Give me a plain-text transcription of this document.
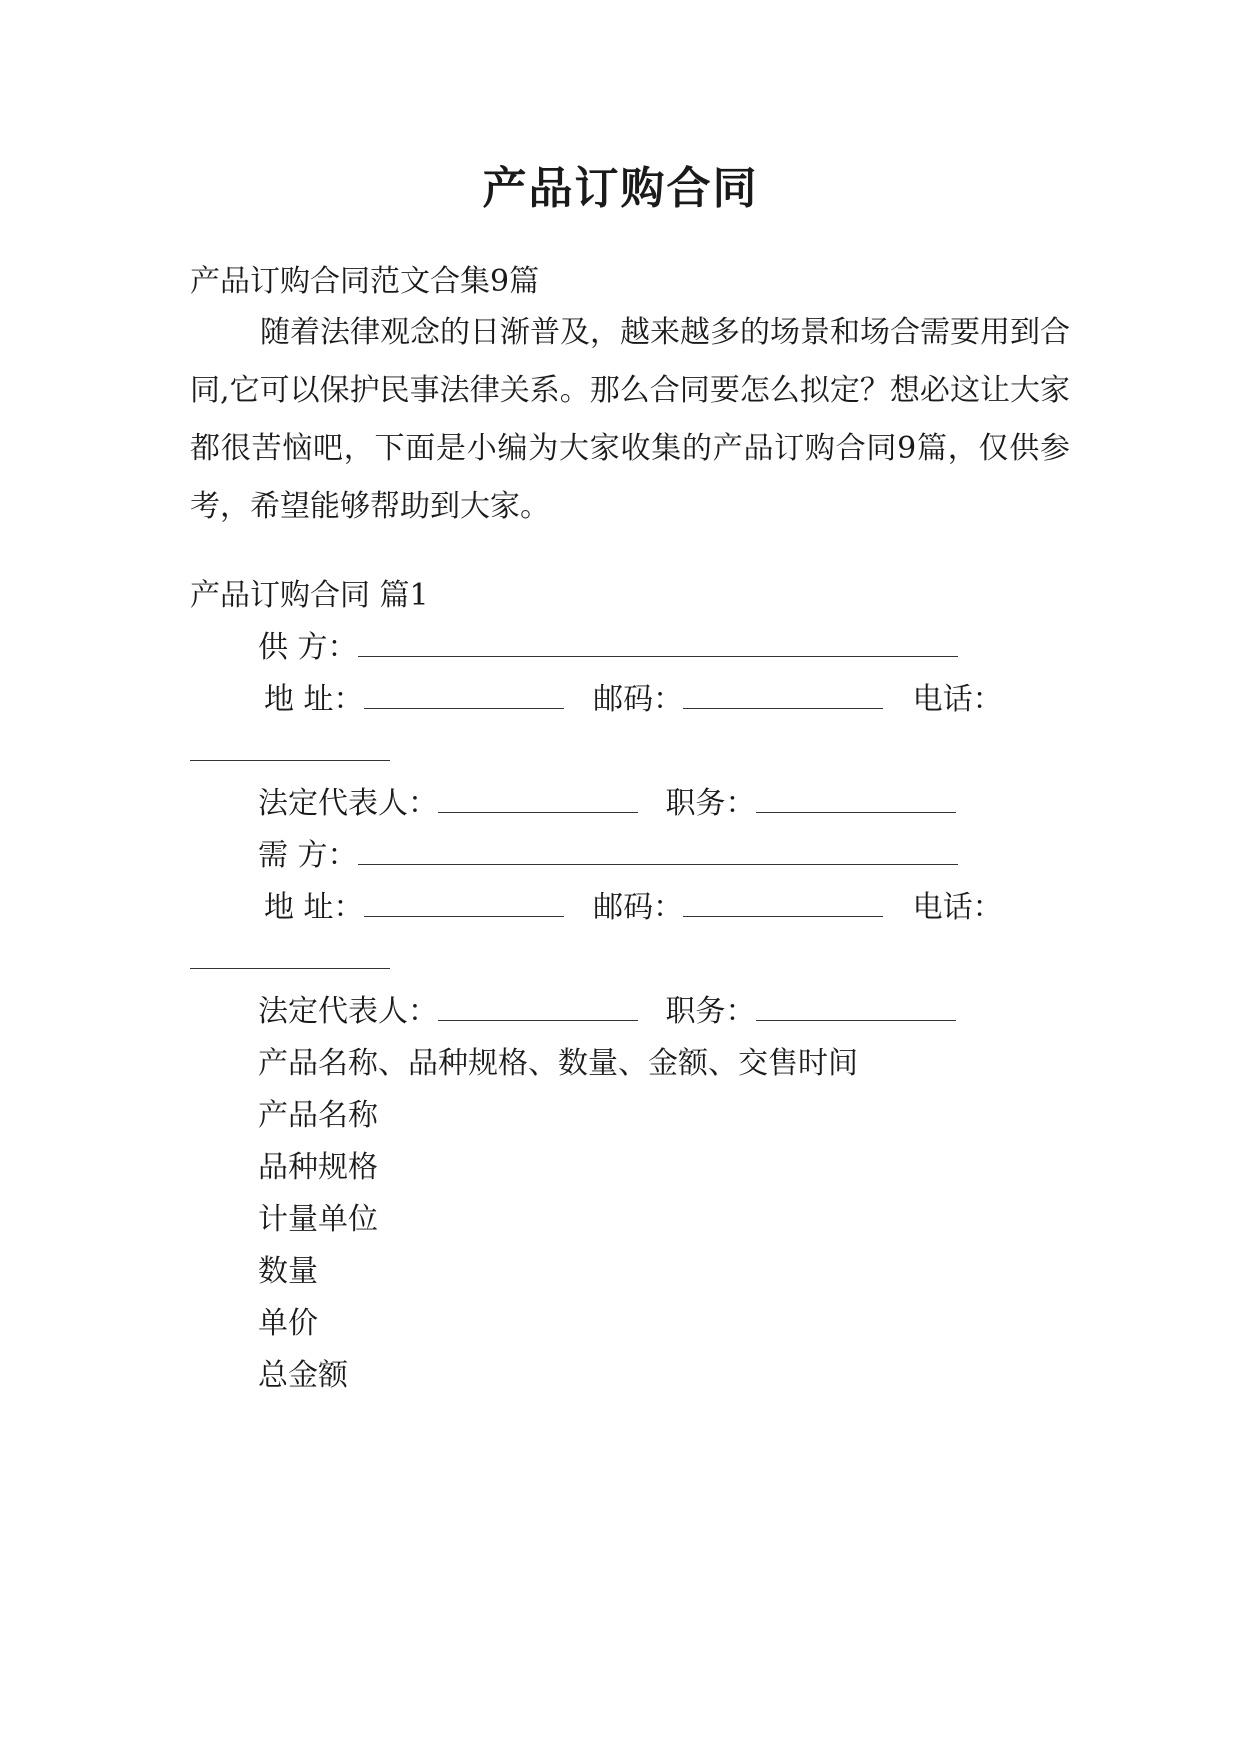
产品订购合同
产品订购合同范文合集9篇
随着法律观念的日渐普及，越来越多的场景和场合需要用到合同,它可以保护民事法律关系。那么合同要怎么拟定？想必这让大家都很苦恼吧，下面是小编为大家收集的产品订购合同9篇，仅供参考，希望能够帮助到大家。
产品订购合同 篇1
供 方：
地 址：	邮码：	电话：
法定代表人：	职务：
需 方：
地 址：	邮码：	电话：
法定代表人：	职务：
产品名称、品种规格、数量、金额、交售时间
产品名称
品种规格
计量单位
数量
单价
总金额
